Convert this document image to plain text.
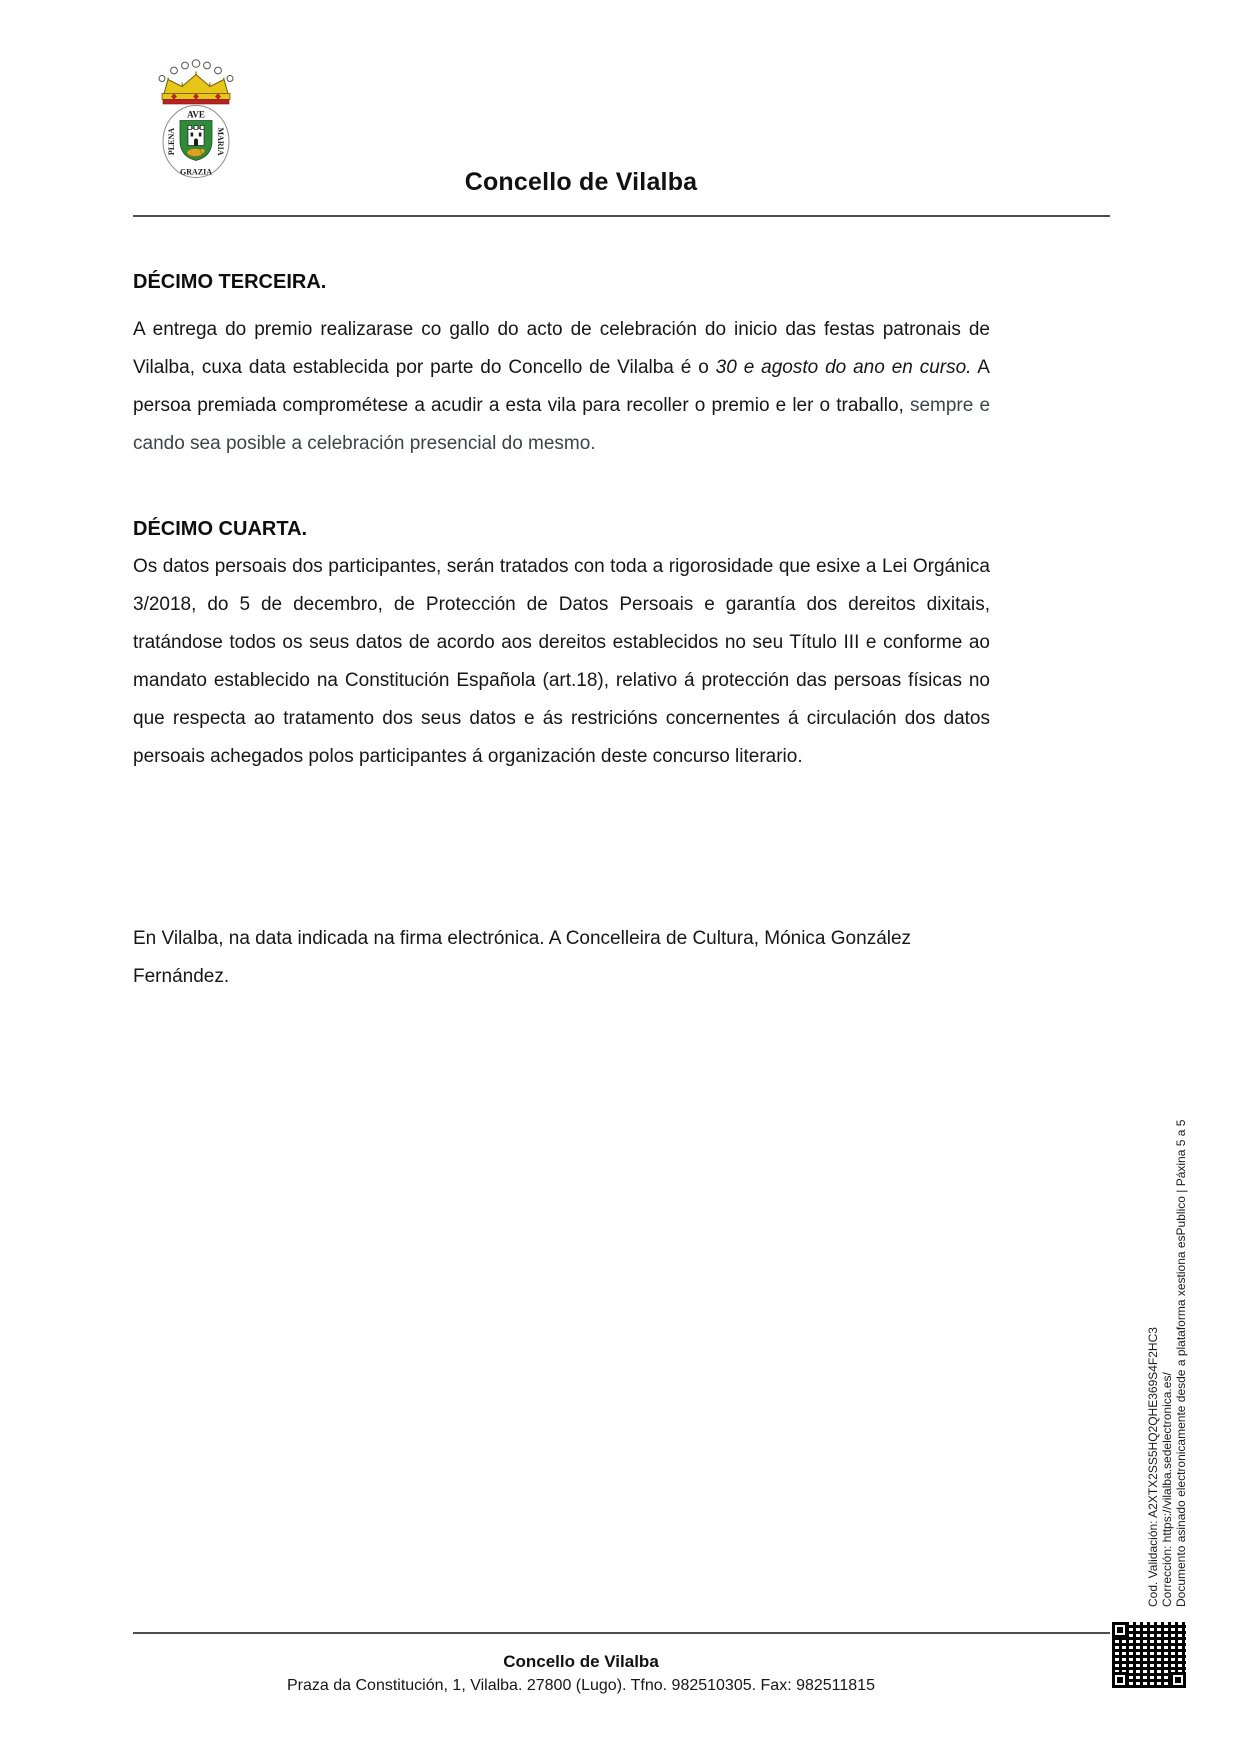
AVE
MARIA
PLENA
GRAZIA	Concello de Vilalba
DÉCIMO TERCEIRA.
A entrega do premio realizarase co gallo do acto de celebración do inicio das festas patronais de Vilalba, cuxa data establecida por parte do Concello de Vilalba é o 30 e agosto do ano en curso. A persoa premiada comprométese a acudir a esta vila para recoller o premio e ler o traballo, sempre e cando sea posible a celebración presencial do mesmo.
DÉCIMO CUARTA.
Os datos persoais dos participantes, serán tratados con toda a rigorosidade que esixe a Lei Orgánica 3/2018, do 5 de decembro, de Protección de Datos Persoais e garantía dos dereitos dixitais, tratándose todos os seus datos de acordo aos dereitos establecidos no seu Título III e conforme ao mandato establecido na Constitución Española (art.18), relativo á protección das persoas físicas no que respecta ao tratamento dos seus datos e ás restricións concernentes á circulación dos datos persoais achegados polos participantes á organización deste concurso literario.
En Vilalba, na data indicada na firma electrónica. A Concelleira de Cultura, Mónica González Fernández.
Cod. Validación: A2XTX2SS5HQ2QHE369S4F2HC3 Corrección: https://vilalba.sedelectronica.es/ Documento asinado electronicamente desde a plataforma xestiona esPublico | Páxina 5 a 5
Concello de Vilalba
Praza da Constitución, 1, Vilalba. 27800 (Lugo). Tfno. 982510305. Fax: 982511815
